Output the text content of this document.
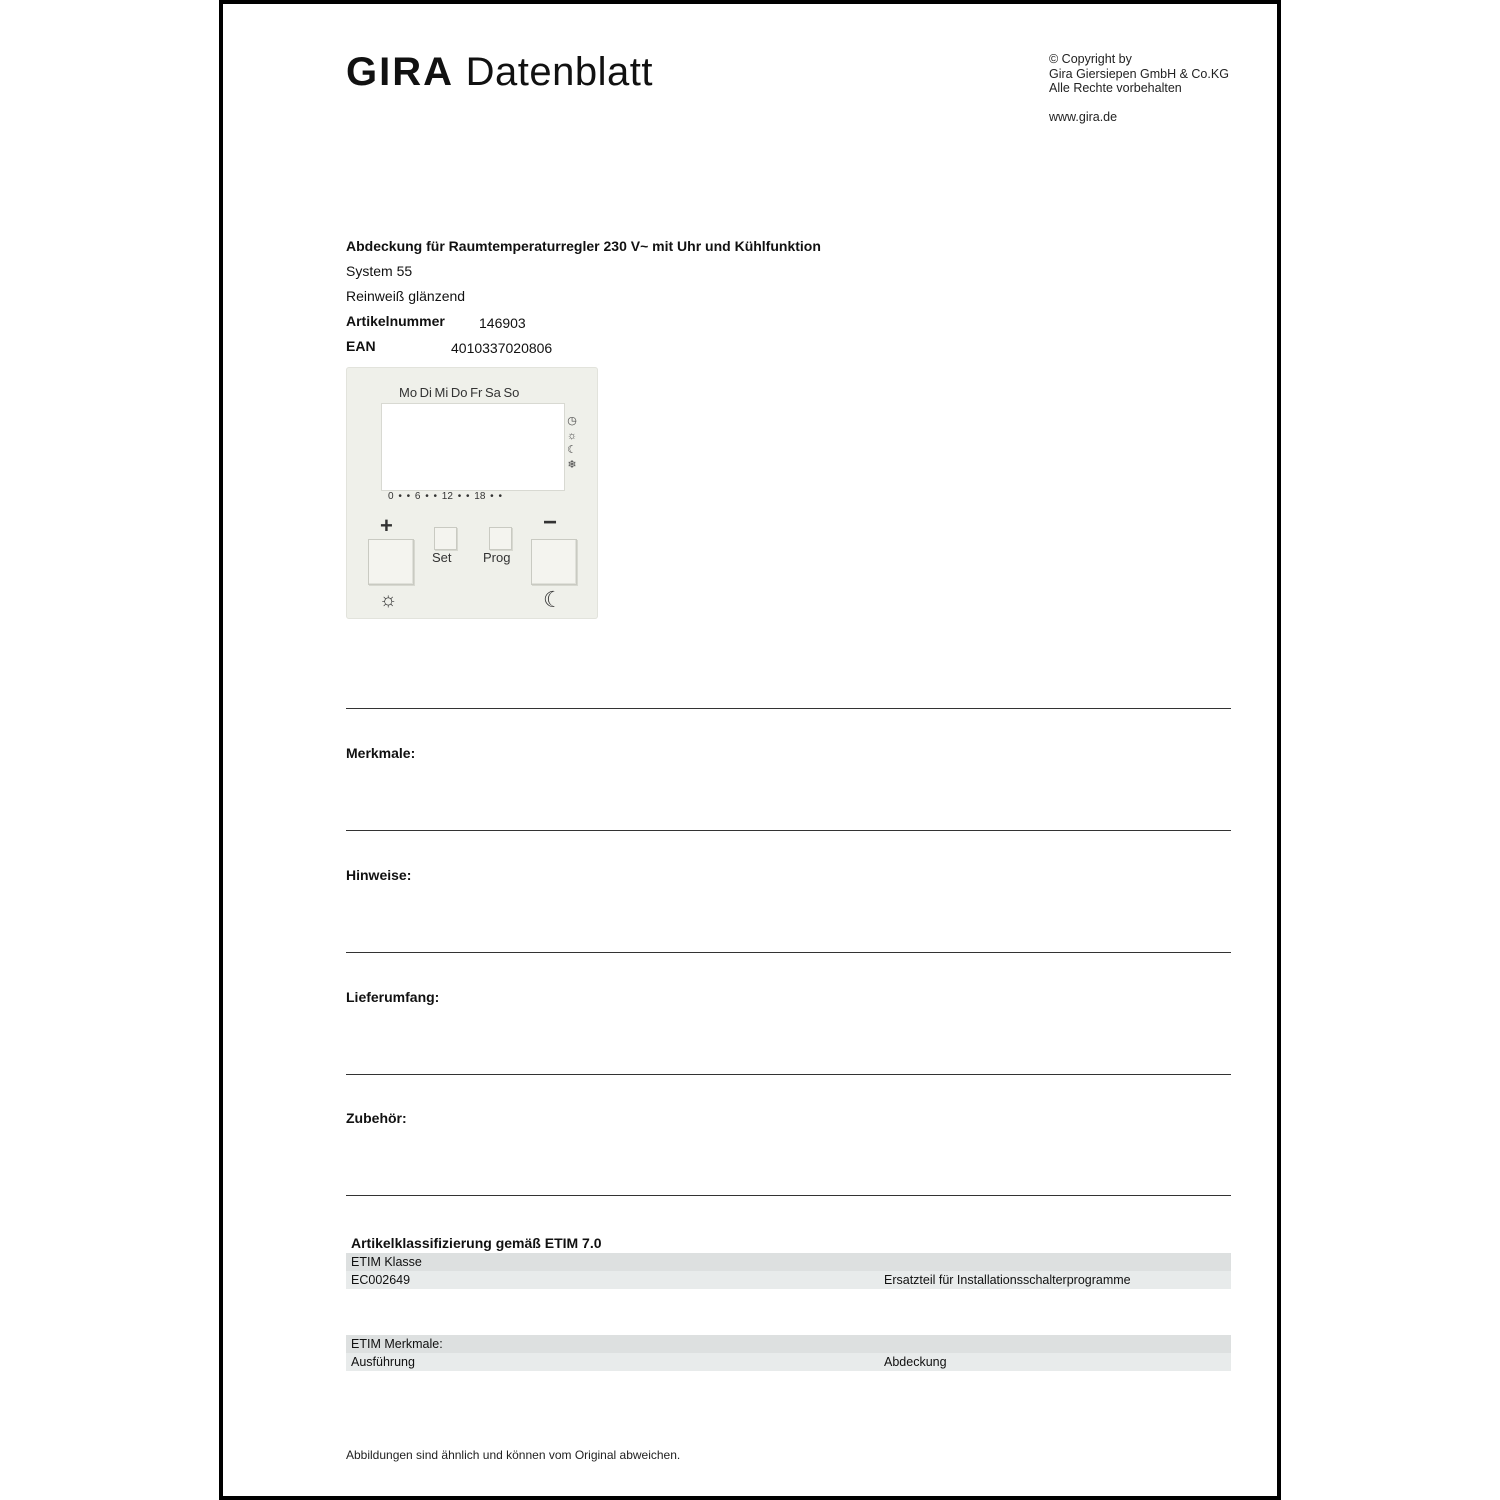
GIRA Datenblatt	© Copyright by
Gira Giersiepen GmbH & Co.KG
Alle Rechte vorbehalten
www.gira.de
Abdeckung für Raumtemperaturregler 230 V~ mit Uhr und Kühlfunktion
System 55
Reinweiß glänzend
Artikelnummer 146903
EAN	4010337020806
Mo Di Mi Do Fr Sa So
◷
☼
☾
❄
0 • • 6 • • 12 • • 18 • •
+	−
Set Prog
☼	☾
Merkmale:
Hinweise:
Lieferumfang:
Zubehör:
Artikelklassifizierung gemäß ETIM 7.0
ETIM Klasse
EC002649	Ersatzteil für Installationsschalterprogramme
ETIM Merkmale:
Ausführung	Abdeckung
Abbildungen sind ähnlich und können vom Original abweichen.
